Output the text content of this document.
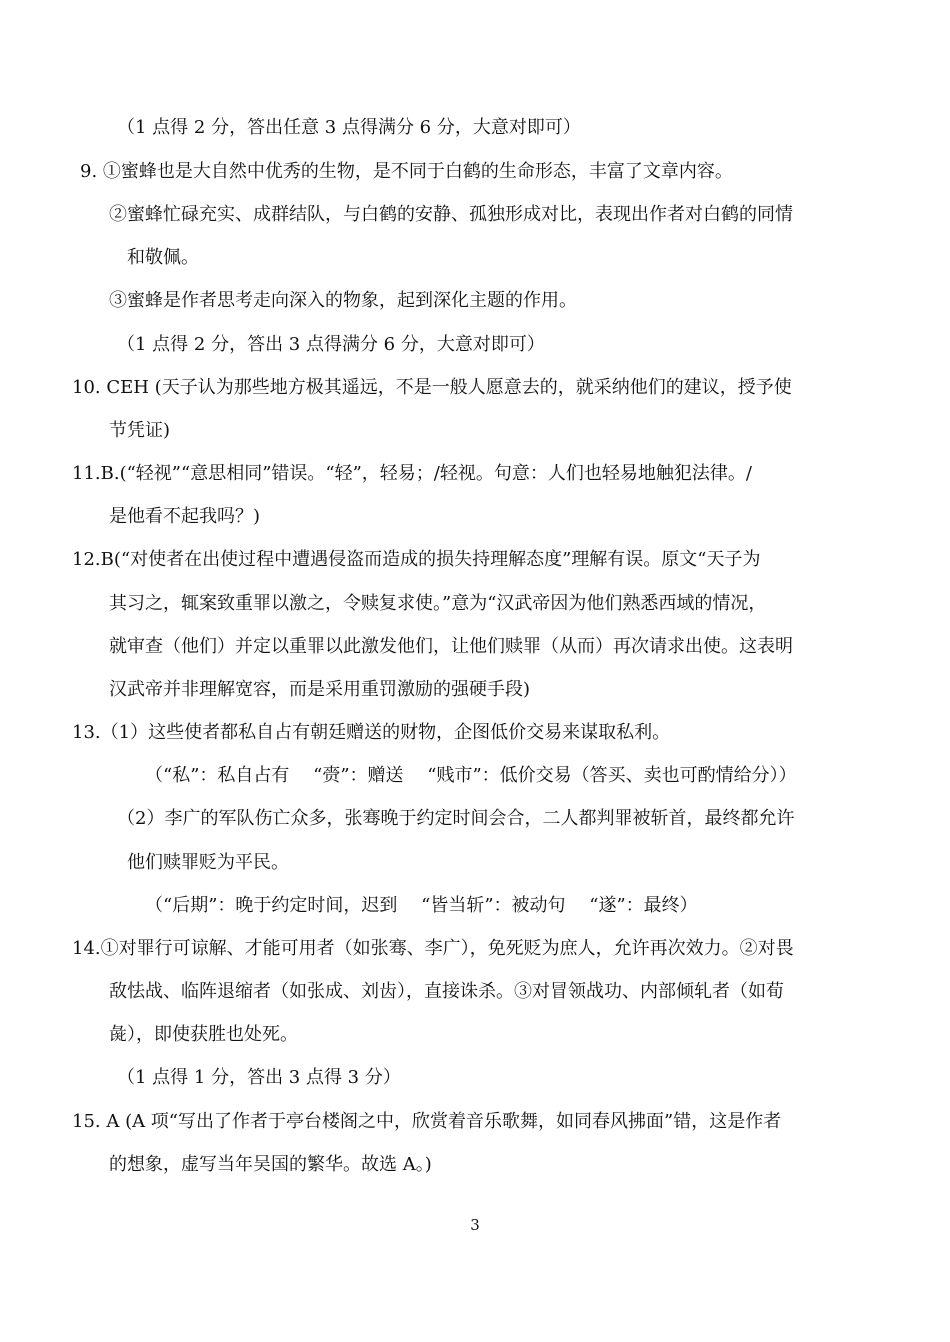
（1 点得 2 分，答出任意 3 点得满分 6 分，大意对即可）
9. ①蜜蜂也是大自然中优秀的生物，是不同于白鹤的生命形态，丰富了文章内容。
②蜜蜂忙碌充实、成群结队，与白鹤的安静、孤独形成对比，表现出作者对白鹤的同情
和敬佩。
③蜜蜂是作者思考走向深入的物象，起到深化主题的作用。
（1 点得 2 分，答出 3 点得满分 6 分，大意对即可）
10. CEH (天子认为那些地方极其遥远，不是一般人愿意去的，就采纳他们的建议，授予使
节凭证)
11.B.(“轻视”“意思相同”错误。“轻”，轻易；/轻视。句意：人们也轻易地触犯法律。/
是他看不起我吗？)
12.B(“对使者在出使过程中遭遇侵盗而造成的损失持理解态度”理解有误。原文“天子为
其习之，辄案致重罪以激之，令赎复求使。”意为“汉武帝因为他们熟悉西域的情况，
就审查（他们）并定以重罪以此激发他们，让他们赎罪（从而）再次请求出使。这表明
汉武帝并非理解宽容，而是采用重罚激励的强硬手段)
13.（1）这些使者都私自占有朝廷赠送的财物，企图低价交易来谋取私利。
（“私”：私自占有　 “赍”：赠送　 “贱市”：低价交易（答买、卖也可酌情给分））
（2）李广的军队伤亡众多，张骞晚于约定时间会合，二人都判罪被斩首，最终都允许
他们赎罪贬为平民。
（“后期”：晚于约定时间，迟到　 “皆当斩”：被动句　 “遂”：最终）
14.①对罪行可谅解、才能可用者（如张骞、李广），免死贬为庶人，允许再次效力。②对畏
敌怯战、临阵退缩者（如张成、刘齿），直接诛杀。③对冒领战功、内部倾轧者（如荀
彘），即使获胜也处死。
（1 点得 1 分，答出 3 点得 3 分）
15. A (A 项“写出了作者于亭台楼阁之中，欣赏着音乐歌舞，如同春风拂面”错，这是作者
的想象，虚写当年吴国的繁华。故选 A。)
3
